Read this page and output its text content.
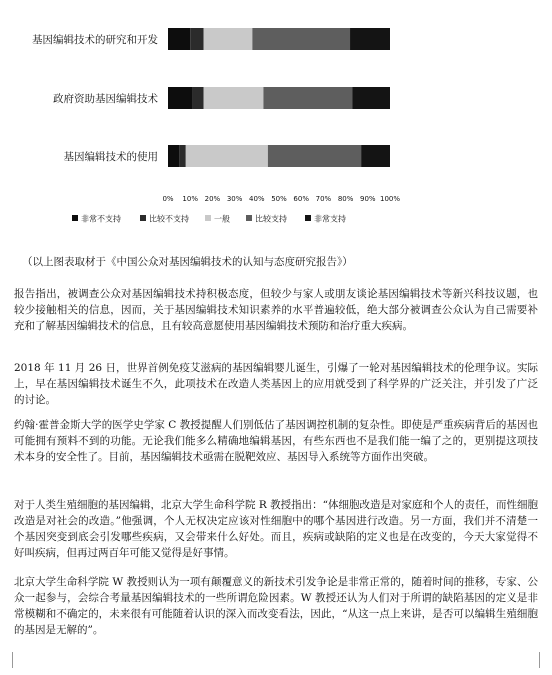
基因编辑技术的研究和开发
政府资助基因编辑技术
基因编辑技术的使用
0% 10% 20% 30% 40% 50% 60% 70% 80% 90% 100%
非常不支持	比较不支持	一般	比较支持	非常支持
（以上图表取材于《中国公众对基因编辑技术的认知与态度研究报告》）

报告指出，被调查公众对基因编辑技术持积极态度，但较少与家人或朋友谈论基因编辑技术等新兴科技议题，也较少接触相关的信息，因而，关于基因编辑技术知识素养的水平普遍较低，绝大部分被调查公众认为自己需要补充和了解基因编辑技术的信息，且有较高意愿使用基因编辑技术预防和治疗重大疾病。

2018 年 11 月 26 日，世界首例免疫艾滋病的基因编辑婴儿诞生，引爆了一轮对基因编辑技术的伦理争议。实际上，早在基因编辑技术诞生不久，此项技术在改造人类基因上的应用就受到了科学界的广泛关注，并引发了广泛的讨论。

约翰·霍普金斯大学的医学史学家 C 教授提醒人们别低估了基因调控机制的复杂性。即使是严重疾病背后的基因也可能拥有预料不到的功能。无论我们能多么精确地编辑基因，有些东西也不是我们能一编了之的，更别提这项技术本身的安全性了。目前，基因编辑技术亟需在脱靶效应、基因导入系统等方面作出突破。

对于人类生殖细胞的基因编辑，北京大学生命科学院 R 教授指出：“体细胞改造是对家庭和个人的责任，而性细胞改造是对社会的改造。”他强调，个人无权决定应该对性细胞中的哪个基因进行改造。另一方面，我们并不清楚一个基因突变到底会引发哪些疾病，又会带来什么好处。而且，疾病或缺陷的定义也是在改变的，今天大家觉得不好叫疾病，但再过两百年可能又觉得是好事情。

北京大学生命科学院 W 教授则认为一项有颠覆意义的新技术引发争论是非常正常的，随着时间的推移，专家、公众一起参与，会综合考量基因编辑技术的一些所谓危险因素。W 教授还认为人们对于所谓的缺陷基因的定义是非常模糊和不确定的，未来很有可能随着认识的深入而改变看法，因此，“从这一点上来讲，是否可以编辑生殖细胞的基因是无解的”。
